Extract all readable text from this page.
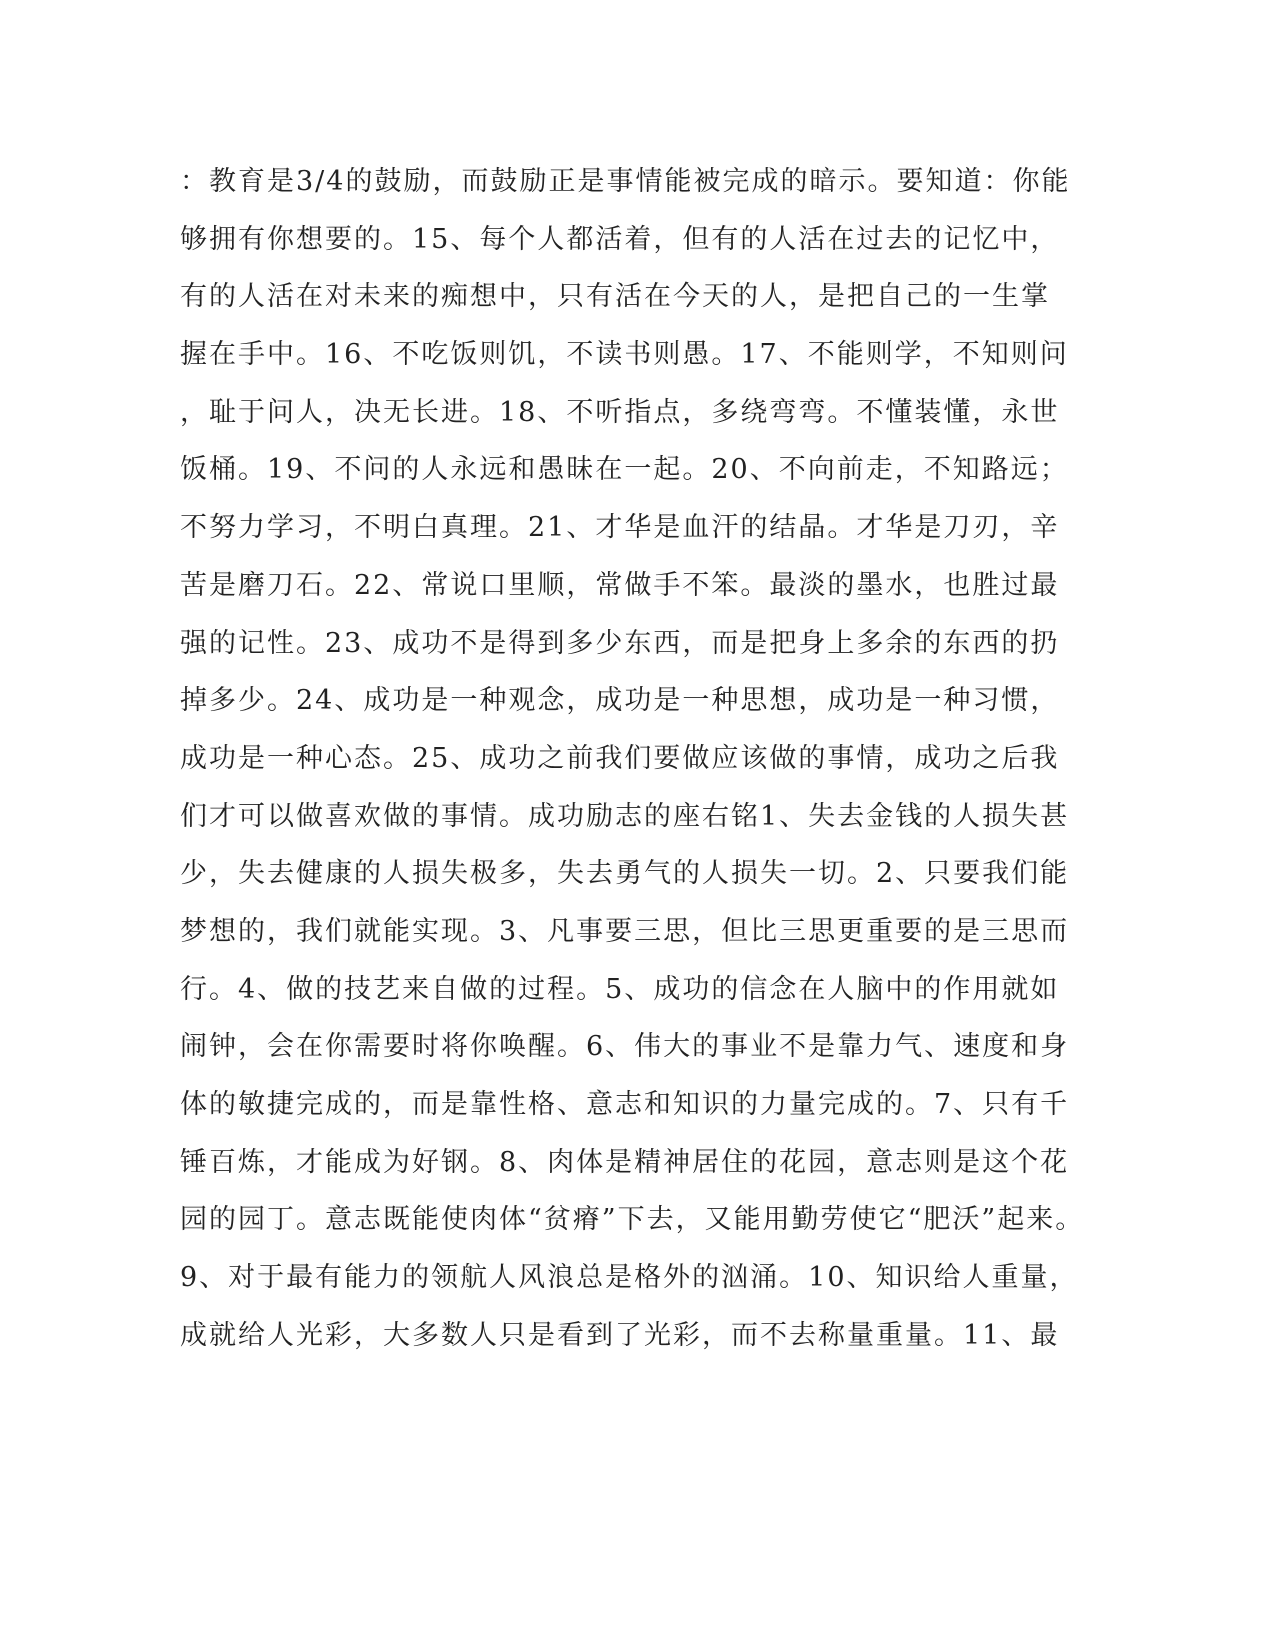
：教育是3/4的鼓励，而鼓励正是事情能被完成的暗示。要知道：你能
够拥有你想要的。15、每个人都活着，但有的人活在过去的记忆中，
有的人活在对未来的痴想中，只有活在今天的人，是把自己的一生掌
握在手中。16、不吃饭则饥，不读书则愚。17、不能则学，不知则问
，耻于问人，决无长进。18、不听指点，多绕弯弯。不懂装懂，永世
饭桶。19、不问的人永远和愚昧在一起。20、不向前走，不知路远；
不努力学习，不明白真理。21、才华是血汗的结晶。才华是刀刃，辛
苦是磨刀石。22、常说口里顺，常做手不笨。最淡的墨水，也胜过最
强的记性。23、成功不是得到多少东西，而是把身上多余的东西的扔
掉多少。24、成功是一种观念，成功是一种思想，成功是一种习惯，
成功是一种心态。25、成功之前我们要做应该做的事情，成功之后我
们才可以做喜欢做的事情。成功励志的座右铭1、失去金钱的人损失甚
少，失去健康的人损失极多，失去勇气的人损失一切。2、只要我们能
梦想的，我们就能实现。3、凡事要三思，但比三思更重要的是三思而
行。4、做的技艺来自做的过程。5、成功的信念在人脑中的作用就如
闹钟，会在你需要时将你唤醒。6、伟大的事业不是靠力气、速度和身
体的敏捷完成的，而是靠性格、意志和知识的力量完成的。7、只有千
锤百炼，才能成为好钢。8、肉体是精神居住的花园，意志则是这个花
园的园丁。意志既能使肉体“贫瘠”下去，又能用勤劳使它“肥沃”起来。
9、对于最有能力的领航人风浪总是格外的汹涌。10、知识给人重量，
成就给人光彩，大多数人只是看到了光彩，而不去称量重量。11、最
